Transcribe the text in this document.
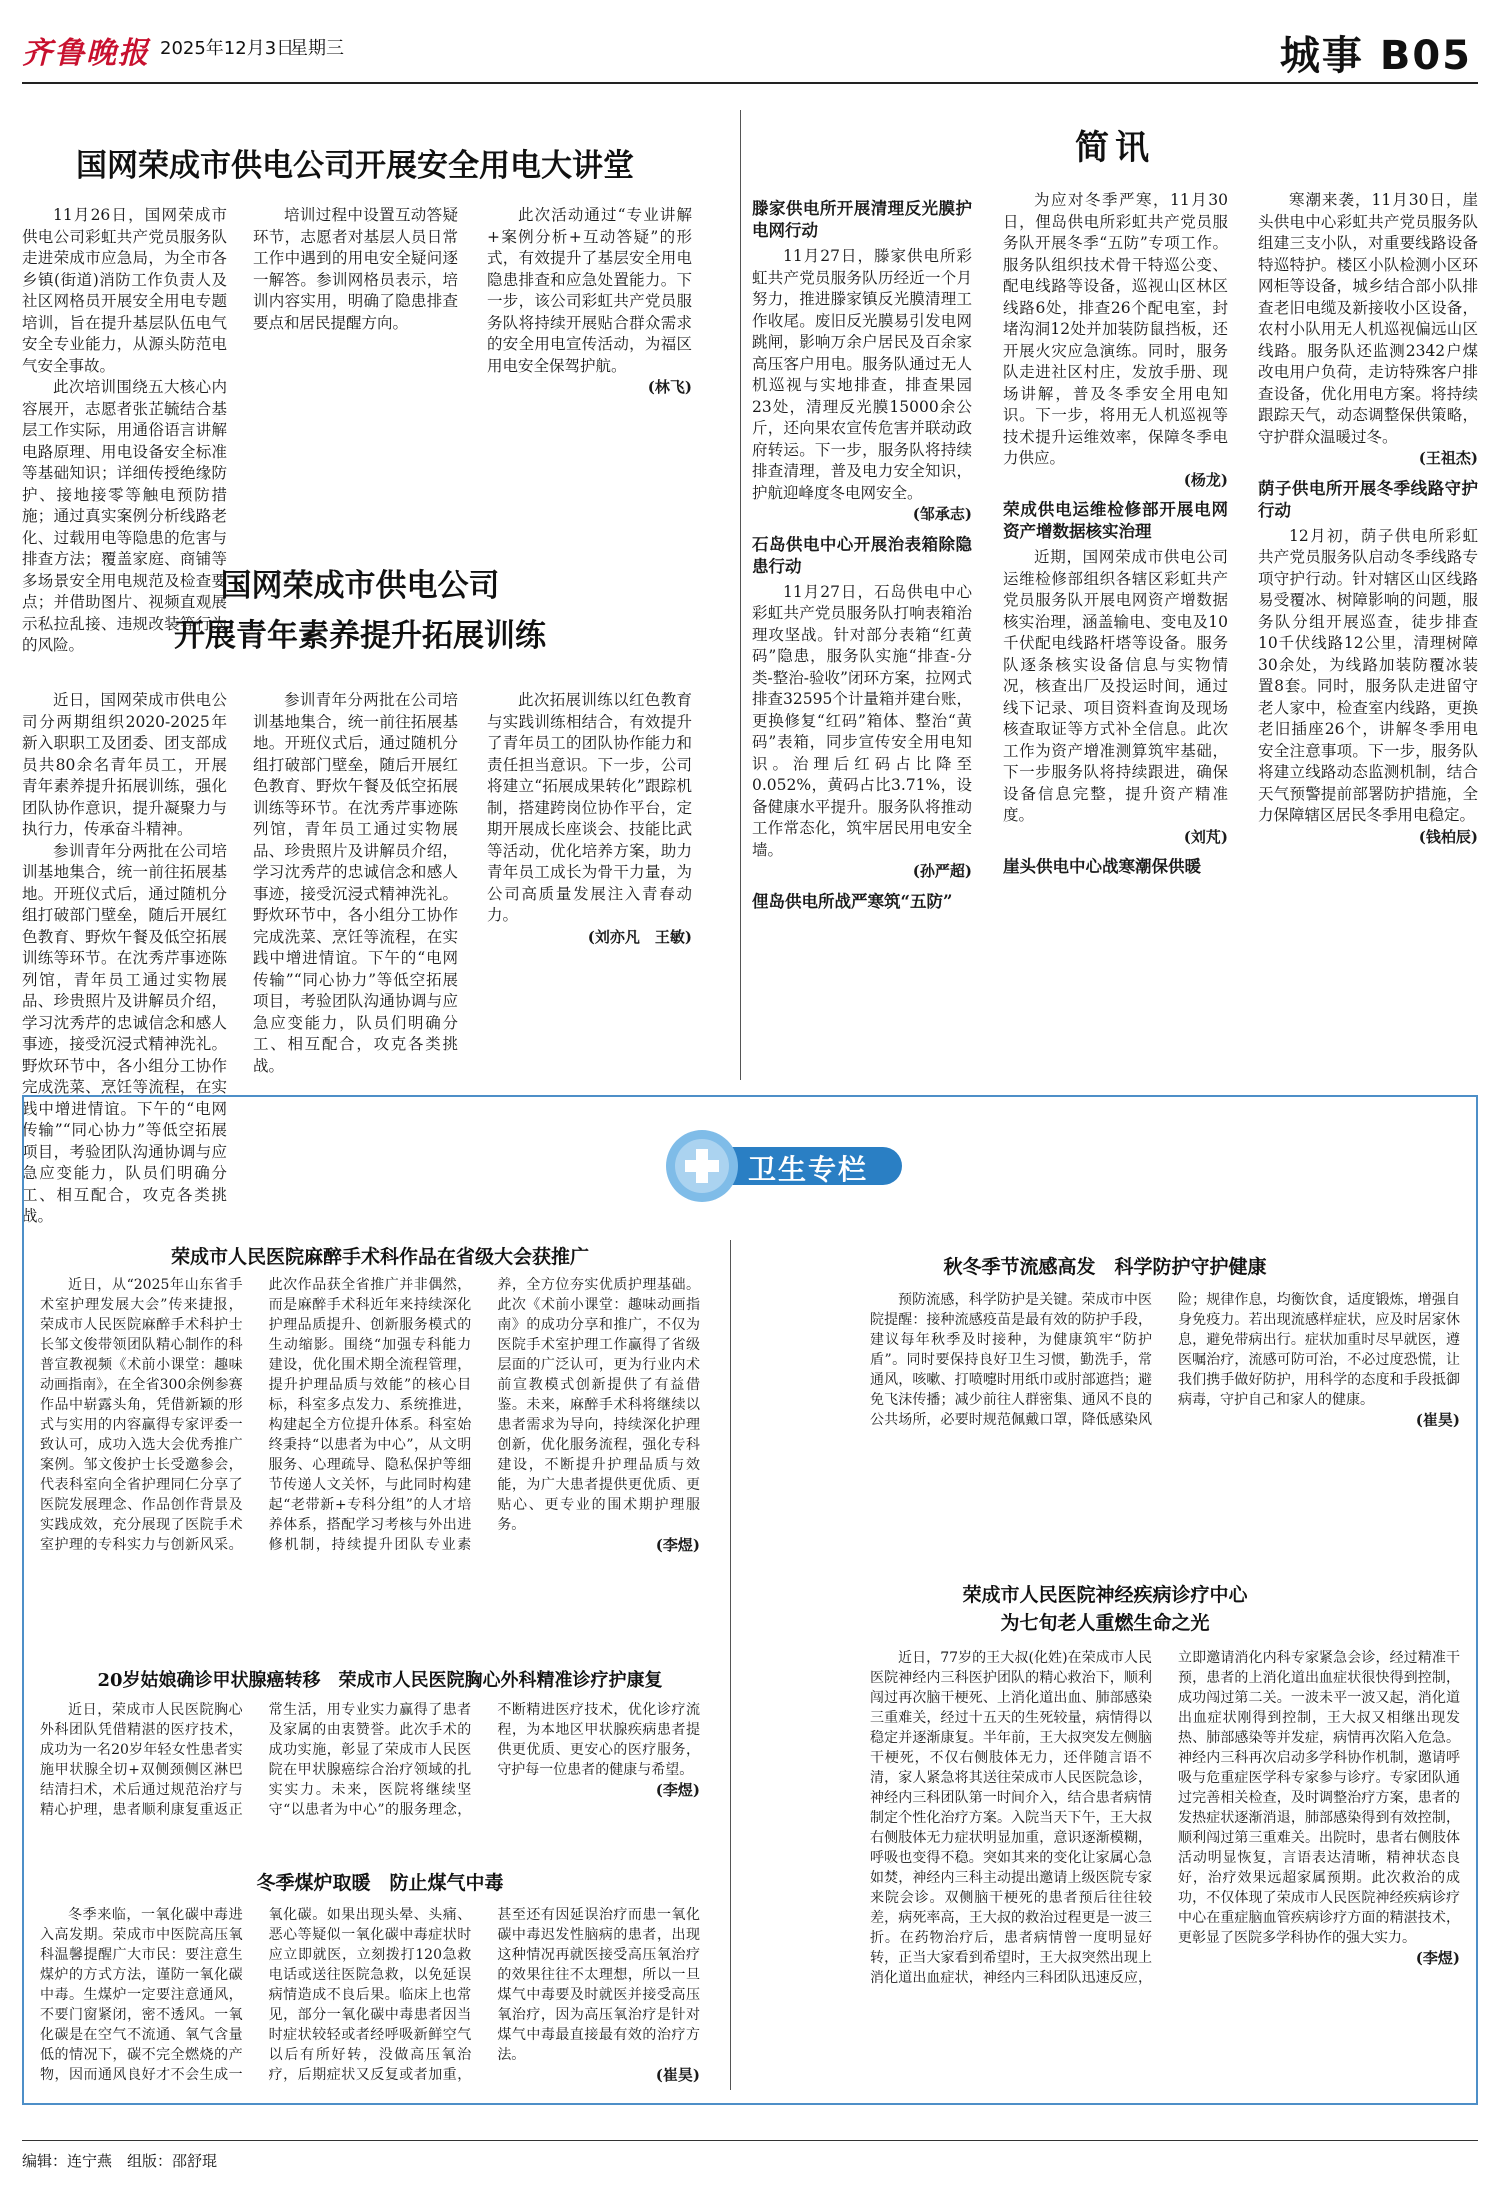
齐鲁晚报 2025年12月3日
星期三	城事 B05
国网荣成市供电公司开展安全用电大讲堂

11月26日，国网荣成市供电公司彩虹共产党员服务队走进荣成市应急局，为全市各乡镇(街道)消防工作负责人及社区网格员开展安全用电专题培训，旨在提升基层队伍电气安全专业能力，从源头防范电气安全事故。

此次培训围绕五大核心内容展开，志愿者张芷毓结合基层工作实际，用通俗语言讲解电路原理、用电设备安全标准等基础知识；详细传授绝缘防护、接地接零等触电预防措施；通过真实案例分析线路老化、过载用电等隐患的危害与排查方法；覆盖家庭、商铺等多场景安全用电规范及检查要点；并借助图片、视频直观展示私拉乱接、违规改装等行为的风险。

培训过程中设置互动答疑环节，志愿者对基层人员日常工作中遇到的用电安全疑问逐一解答。参训网格员表示，培训内容实用，明确了隐患排查要点和居民提醒方向。

此次活动通过“专业讲解+案例分析+互动答疑”的形式，有效提升了基层安全用电隐患排查和应急处置能力。下一步，该公司彩虹共产党员服务队将持续开展贴合群众需求的安全用电宣传活动，为福区用电安全保驾护航。

(林飞)
国网荣成市供电公司
开展青年素养提升拓展训练

近日，国网荣成市供电公司分两期组织2020-2025年新入职职工及团委、团支部成员共80余名青年员工，开展青年素养提升拓展训练，强化团队协作意识，提升凝聚力与执行力，传承奋斗精神。

参训青年分两批在公司培训基地集合，统一前往拓展基地。开班仪式后，通过随机分组打破部门壁垒，随后开展红色教育、野炊午餐及低空拓展训练等环节。在沈秀芹事迹陈列馆，青年员工通过实物展品、珍贵照片及讲解员介绍，学习沈秀芹的忠诚信念和感人事迹，接受沉浸式精神洗礼。野炊环节中，各小组分工协作完成洗菜、烹饪等流程，在实践中增进情谊。下午的“电网传输”“同心协力”等低空拓展项目，考验团队沟通协调与应急应变能力，队员们明确分工、相互配合，攻克各类挑战。

参训青年分两批在公司培训基地集合，统一前往拓展基地。开班仪式后，通过随机分组打破部门壁垒，随后开展红色教育、野炊午餐及低空拓展训练等环节。在沈秀芹事迹陈列馆，青年员工通过实物展品、珍贵照片及讲解员介绍，学习沈秀芹的忠诚信念和感人事迹，接受沉浸式精神洗礼。野炊环节中，各小组分工协作完成洗菜、烹饪等流程，在实践中增进情谊。下午的“电网传输”“同心协力”等低空拓展项目，考验团队沟通协调与应急应变能力，队员们明确分工、相互配合，攻克各类挑战。

此次拓展训练以红色教育与实践训练相结合，有效提升了青年员工的团队协作能力和责任担当意识。下一步，公司将建立“拓展成果转化”跟踪机制，搭建跨岗位协作平台，定期开展成长座谈会、技能比武等活动，优化培养方案，助力青年员工成长为骨干力量，为公司高质量发展注入青春动力。

(刘亦凡　王敏)
简讯
滕家供电所开展清理反光膜护电网行动

11月27日，滕家供电所彩虹共产党员服务队历经近一个月努力，推进滕家镇反光膜清理工作收尾。废旧反光膜易引发电网跳闸，影响万余户居民及百余家高压客户用电。服务队通过无人机巡视与实地排查，排查果园23处，清理反光膜15000余公斤，还向果农宣传危害并联动政府转运。下一步，服务队将持续排查清理，普及电力安全知识，护航迎峰度冬电网安全。

(邹承志)
石岛供电中心开展治表箱除隐患行动

11月27日，石岛供电中心彩虹共产党员服务队打响表箱治理攻坚战。针对部分表箱“红黄码”隐患，服务队实施“排查-分类-整治-验收”闭环方案，拉网式排查32595个计量箱并建台账，更换修复“红码”箱体、整治“黄码”表箱，同步宣传安全用电知识。治理后红码占比降至0.052%，黄码占比3.71%，设备健康水平提升。服务队将推动工作常态化，筑牢居民用电安全墙。

(孙严超)
俚岛供电所战严寒筑“五防”

为应对冬季严寒，11月30日，俚岛供电所彩虹共产党员服务队开展冬季“五防”专项工作。服务队组织技术骨干特巡公变、配电线路等设备，巡视山区林区线路6处，排查26个配电室，封堵沟洞12处并加装防鼠挡板，还开展火灾应急演练。同时，服务队走进社区村庄，发放手册、现场讲解，普及冬季安全用电知识。下一步，将用无人机巡视等技术提升运维效率，保障冬季电力供应。

(杨龙)
荣成供电运维检修部开展电网资产增数据核实治理

近期，国网荣成市供电公司运维检修部组织各辖区彩虹共产党员服务队开展电网资产增数据核实治理，涵盖输电、变电及10千伏配电线路杆塔等设备。服务队逐条核实设备信息与实物情况，核查出厂及投运时间，通过线下记录、项目资料查询及现场核查取证等方式补全信息。此次工作为资产增准测算筑牢基础，下一步服务队将持续跟进，确保设备信息完整，提升资产精准度。

(刘芃)
崖头供电中心战寒潮保供暖

寒潮来袭，11月30日，崖头供电中心彩虹共产党员服务队组建三支小队，对重要线路设备特巡特护。楼区小队检测小区环网柜等设备，城乡结合部小队排查老旧电缆及新接收小区设备，农村小队用无人机巡视偏远山区线路。服务队还监测2342户煤改电用户负荷，走访特殊客户排查设备，优化用电方案。将持续跟踪天气，动态调整保供策略，守护群众温暖过冬。

(王祖杰)
荫子供电所开展冬季线路守护行动

12月初，荫子供电所彩虹共产党员服务队启动冬季线路专项守护行动。针对辖区山区线路易受覆冰、树障影响的问题，服务队分组开展巡查，徒步排查10千伏线路12公里，清理树障30余处，为线路加装防覆冰装置8套。同时，服务队走进留守老人家中，检查室内线路，更换老旧插座26个，讲解冬季用电安全注意事项。下一步，服务队将建立线路动态监测机制，结合天气预警提前部署防护措施，全力保障辖区居民冬季用电稳定。

(钱柏辰)
卫生专栏
荣成市人民医院麻醉手术科作品在省级大会获推广

近日，从“2025年山东省手术室护理发展大会”传来捷报，荣成市人民医院麻醉手术科护士长邹文俊带领团队精心制作的科普宣教视频《术前小课堂：趣味动画指南》，在全省300余例参赛作品中崭露头角，凭借新颖的形式与实用的内容赢得专家评委一致认可，成功入选大会优秀推广案例。邹文俊护士长受邀参会，代表科室向全省护理同仁分享了医院发展理念、作品创作背景及实践成效，充分展现了医院手术室护理的专科实力与创新风采。此次作品获全省推广并非偶然，而是麻醉手术科近年来持续深化护理品质提升、创新服务模式的生动缩影。围绕“加强专科能力建设，优化围术期全流程管理，提升护理品质与效能”的核心目标，科室多点发力、系统推进，构建起全方位提升体系。科室始终秉持“以患者为中心”，从文明服务、心理疏导、隐私保护等细节传递人文关怀，与此同时构建起“老带新+专科分组”的人才培养体系，搭配学习考核与外出进修机制，持续提升团队专业素养，全方位夯实优质护理基础。此次《术前小课堂：趣味动画指南》的成功分享和推广，不仅为医院手术室护理工作赢得了省级层面的广泛认可，更为行业内术前宣教模式创新提供了有益借鉴。未来，麻醉手术科将继续以患者需求为导向，持续深化护理创新，优化服务流程，强化专科建设，不断提升护理品质与效能，为广大患者提供更优质、更贴心、更专业的围术期护理服务。

(李煜)
20岁姑娘确诊甲状腺癌转移　荣成市人民医院胸心外科精准诊疗护康复

近日，荣成市人民医院胸心外科团队凭借精湛的医疗技术，成功为一名20岁年轻女性患者实施甲状腺全切+双侧颈侧区淋巴结清扫术，术后通过规范治疗与精心护理，患者顺利康复重返正常生活，用专业实力赢得了患者及家属的由衷赞誉。此次手术的成功实施，彰显了荣成市人民医院在甲状腺癌综合治疗领域的扎实实力。未来，医院将继续坚守“以患者为中心”的服务理念，不断精进医疗技术，优化诊疗流程，为本地区甲状腺疾病患者提供更优质、更安心的医疗服务，守护每一位患者的健康与希望。

(李煜)
冬季煤炉取暖　防止煤气中毒

冬季来临，一氧化碳中毒进入高发期。荣成市中医院高压氧科温馨提醒广大市民：要注意生煤炉的方式方法，谨防一氧化碳中毒。生煤炉一定要注意通风，不要门窗紧闭，密不透风。一氧化碳是在空气不流通、氧气含量低的情况下，碳不完全燃烧的产物，因而通风良好才不会生成一氧化碳。如果出现头晕、头痛、恶心等疑似一氧化碳中毒症状时应立即就医，立刻拨打120急救电话或送往医院急救，以免延误病情造成不良后果。临床上也常见，部分一氧化碳中毒患者因当时症状较轻或者经呼吸新鲜空气以后有所好转，没做高压氧治疗，后期症状又反复或者加重，甚至还有因延误治疗而患一氧化碳中毒迟发性脑病的患者，出现这种情况再就医接受高压氧治疗的效果往往不太理想，所以一旦煤气中毒要及时就医并接受高压氧治疗，因为高压氧治疗是针对煤气中毒最直接最有效的治疗方法。

(崔昊)
秋冬季节流感高发　科学防护守护健康

预防流感，科学防护是关键。荣成市中医院提醒：接种流感疫苗是最有效的防护手段，建议每年秋季及时接种，为健康筑牢“防护盾”。同时要保持良好卫生习惯，勤洗手，常通风，咳嗽、打喷嚏时用纸巾或肘部遮挡；避免飞沫传播；减少前往人群密集、通风不良的公共场所，必要时规范佩戴口罩，降低感染风险；规律作息，均衡饮食，适度锻炼，增强自身免疫力。若出现流感样症状，应及时居家休息，避免带病出行。症状加重时尽早就医，遵医嘱治疗，流感可防可治，不必过度恐慌，让我们携手做好防护，用科学的态度和手段抵御病毒，守护自己和家人的健康。

(崔昊)
荣成市人民医院神经疾病诊疗中心
为七旬老人重燃生命之光

近日，77岁的王大叔(化姓)在荣成市人民医院神经内三科医护团队的精心救治下，顺利闯过再次脑干梗死、上消化道出血、肺部感染三重难关，经过十五天的生死较量，病情得以稳定并逐渐康复。半年前，王大叔突发左侧脑干梗死，不仅右侧肢体无力，还伴随言语不清，家人紧急将其送往荣成市人民医院急诊，神经内三科团队第一时间介入，结合患者病情制定个性化治疗方案。入院当天下午，王大叔右侧肢体无力症状明显加重，意识逐渐模糊，呼吸也变得不稳。突如其来的变化让家属心急如焚，神经内三科主动提出邀请上级医院专家来院会诊。双侧脑干梗死的患者预后往往较差，病死率高，王大叔的救治过程更是一波三折。在药物治疗后，患者病情曾一度明显好转，正当大家看到希望时，王大叔突然出现上消化道出血症状，神经内三科团队迅速反应，立即邀请消化内科专家紧急会诊，经过精准干预，患者的上消化道出血症状很快得到控制，成功闯过第二关。一波未平一波又起，消化道出血症状刚得到控制，王大叔又相继出现发热、肺部感染等并发症，病情再次陷入危急。神经内三科再次启动多学科协作机制，邀请呼吸与危重症医学科专家参与诊疗。专家团队通过完善相关检查，及时调整治疗方案，患者的发热症状逐渐消退，肺部感染得到有效控制，顺利闯过第三重难关。出院时，患者右侧肢体活动明显恢复，言语表达清晰，精神状态良好，治疗效果远超家属预期。此次救治的成功，不仅体现了荣成市人民医院神经疾病诊疗中心在重症脑血管疾病诊疗方面的精湛技术，更彰显了医院多学科协作的强大实力。

(李煜)
编辑：连宁燕　组版：邵舒琨
